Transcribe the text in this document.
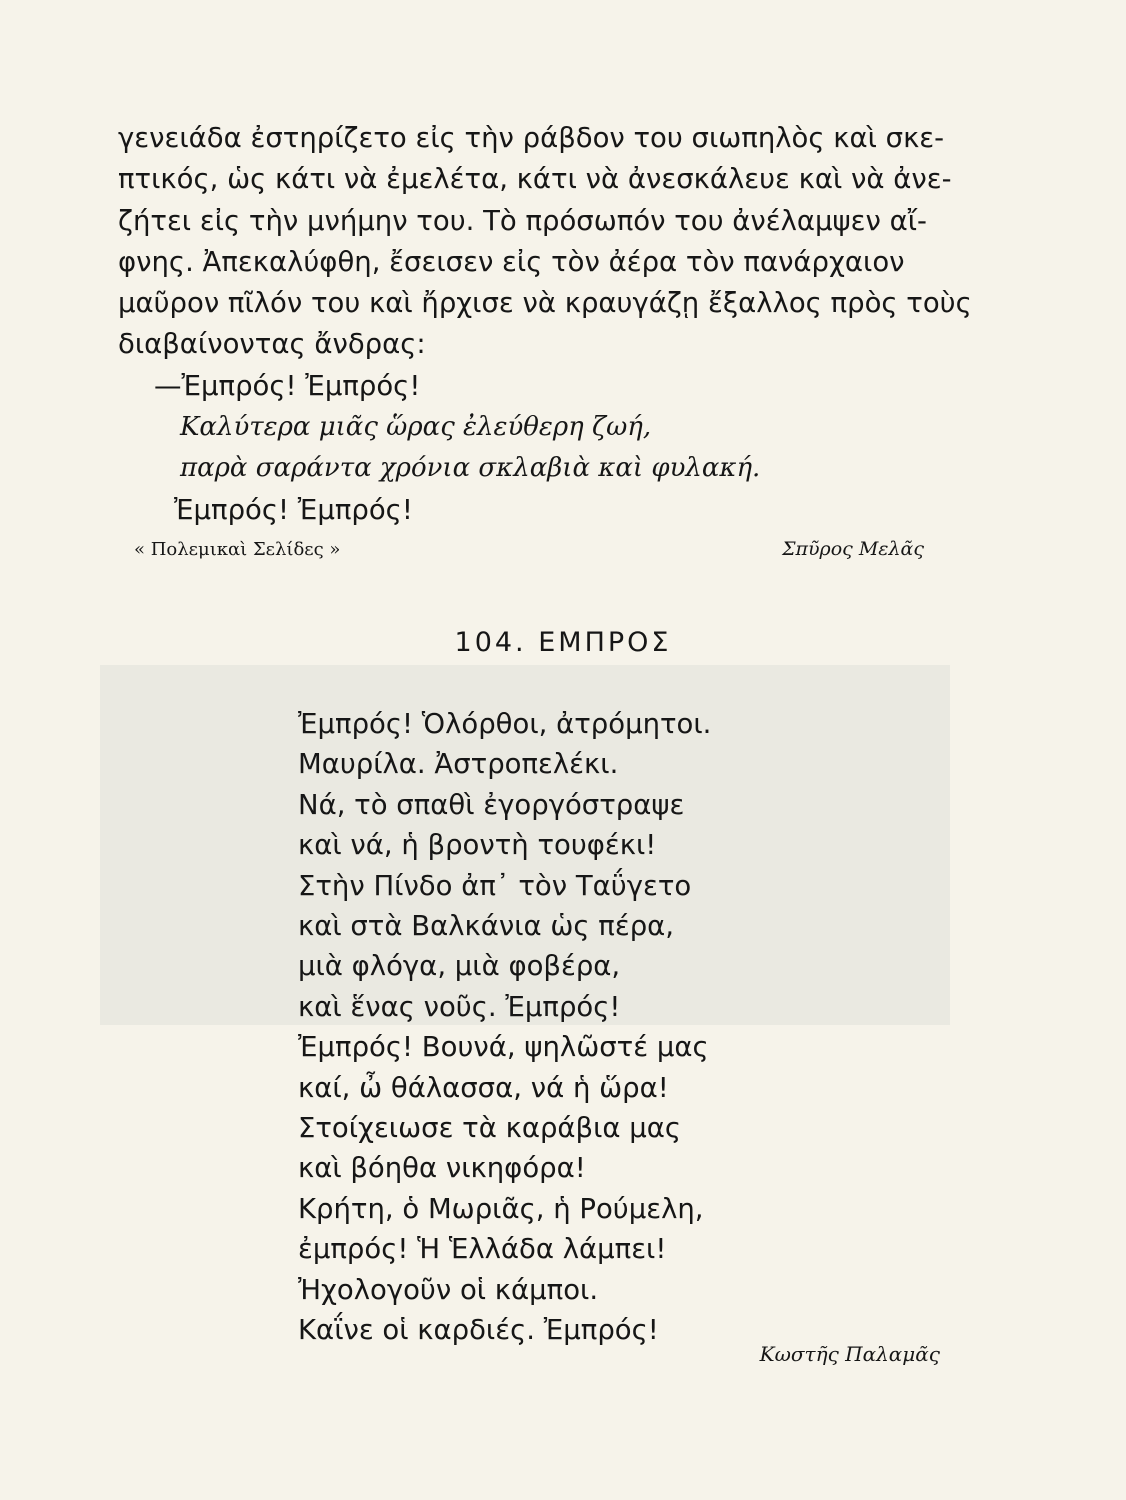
γενειάδα ἐστηρίζετο εἰς τὴν ράβδον του σιωπηλὸς καὶ σκε-

πτικός, ὡς κάτι νὰ ἐμελέτα, κάτι νὰ ἀνεσκάλευε καὶ νὰ ἀνε-

ζήτει εἰς τὴν μνήμην του. Τὸ πρόσωπόν του ἀνέλαμψεν αἴ-

φνης. Ἀπεκαλύφθη, ἔσεισεν εἰς τὸν ἀέρα τὸν πανάρχαιον

μαῦρον πῖλόν του καὶ ἤρχισε νὰ κραυγάζῃ ἔξαλλος πρὸς τοὺς

διαβαίνοντας ἄνδρας:

—Ἐμπρός! Ἐμπρός!

Καλύτερα μιᾶς ὥρας ἐλεύθερη ζωή,

παρὰ σαράντα χρόνια σκλαβιὰ καὶ φυλακή.

Ἐμπρός! Ἐμπρός!

« Πολεμικαὶ Σελίδες »	Σπῦρος Μελᾶς
104. ΕΜΠΡΟΣ
Ἐμπρός! Ὁλόρθοι, ἀτρόμητοι.
Μαυρίλα. Ἀστροπελέκι.
Νά, τὸ σπαθὶ ἐγοργόστραψε
καὶ νά, ἡ βροντὴ τουφέκι!
Στὴν Πίνδο ἀπ᾽ τὸν Ταΰγετο
καὶ στὰ Βαλκάνια ὡς πέρα,
μιὰ φλόγα, μιὰ φοβέρα,
καὶ ἕνας νοῦς. Ἐμπρός!
Ἐμπρός! Βουνά, ψηλῶστέ μας
καί, ὦ θάλασσα, νά ἡ ὥρα!
Στοίχειωσε τὰ καράβια μας
καὶ βόηθα νικηφόρα!
Κρήτη, ὁ Μωριᾶς, ἡ Ρούμελη,
ἐμπρός! Ἡ Ἑλλάδα λάμπει!
Ἠχολογοῦν οἱ κάμποι.
Καΐνε οἱ καρδιές. Ἐμπρός!
Κωστῆς Παλαμᾶς
